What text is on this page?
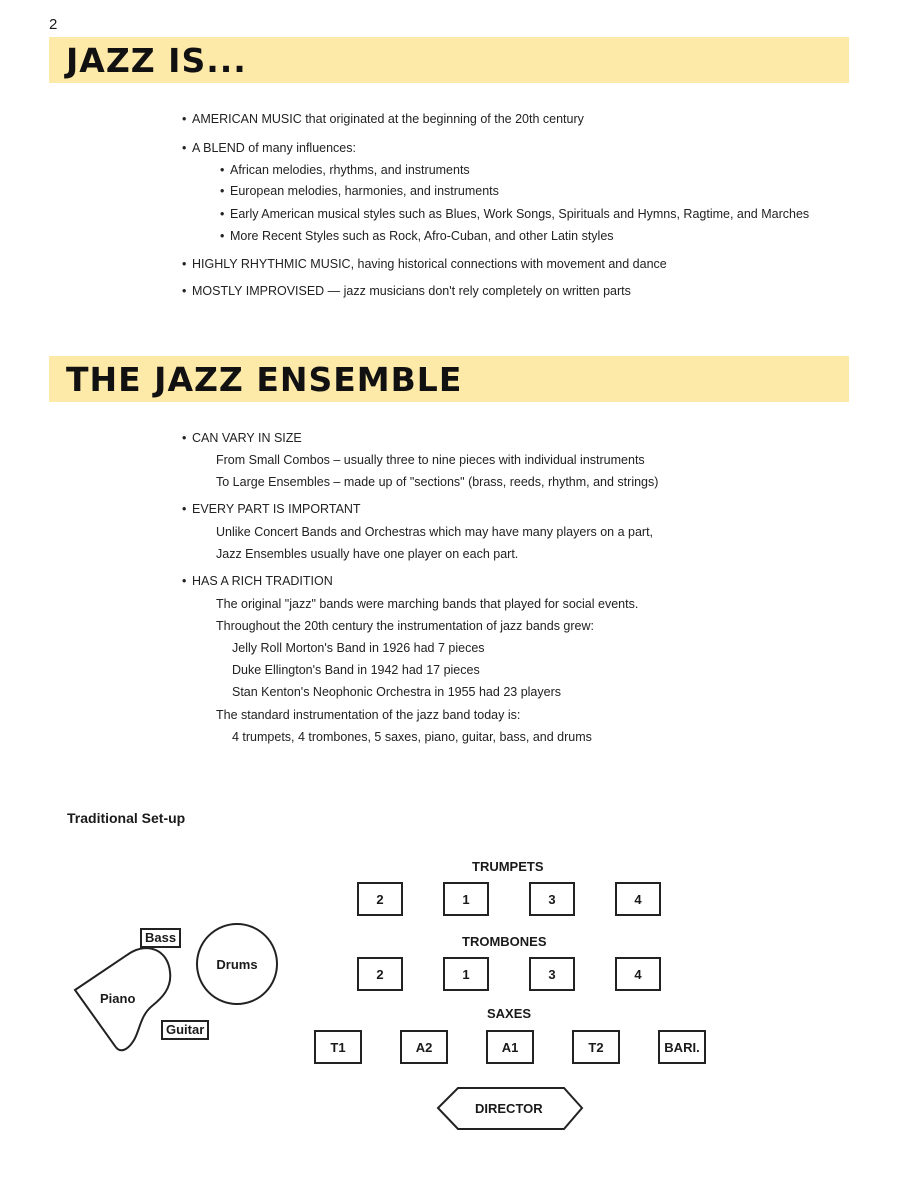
2
JAZZ IS...
• AMERICAN MUSIC that originated at the beginning of the 20th century
• A BLEND of many influences:
• African melodies, rhythms, and instruments
• European melodies, harmonies, and instruments
• Early American musical styles such as Blues, Work Songs, Spirituals and Hymns, Ragtime, and Marches
• More Recent Styles such as Rock, Afro-Cuban, and other Latin styles
• HIGHLY RHYTHMIC MUSIC, having historical connections with movement and dance
• MOSTLY IMPROVISED — jazz musicians don't rely completely on written parts
THE JAZZ ENSEMBLE
• CAN VARY IN SIZE
From Small Combos – usually three to nine pieces with individual instruments
To Large Ensembles – made up of "sections" (brass, reeds, rhythm, and strings)
• EVERY PART IS IMPORTANT
Unlike Concert Bands and Orchestras which may have many players on a part,
Jazz Ensembles usually have one player on each part.
• HAS A RICH TRADITION
The original "jazz" bands were marching bands that played for social events.
Throughout the 20th century the instrumentation of jazz bands grew:
Jelly Roll Morton's Band in 1926 had 7 pieces
Duke Ellington's Band in 1942 had 17 pieces
Stan Kenton's Neophonic Orchestra in 1955 had 23 players
The standard instrumentation of the jazz band today is:
4 trumpets, 4 trombones, 5 saxes, piano, guitar, bass, and drums
Traditional Set-up
TRUMPETS
2	1	3	4
TROMBONES
2	1	3	4
SAXES
T1	A2	A1	T2	BARI.
Bass
Drums
Guitar
Piano
DIRECTOR
